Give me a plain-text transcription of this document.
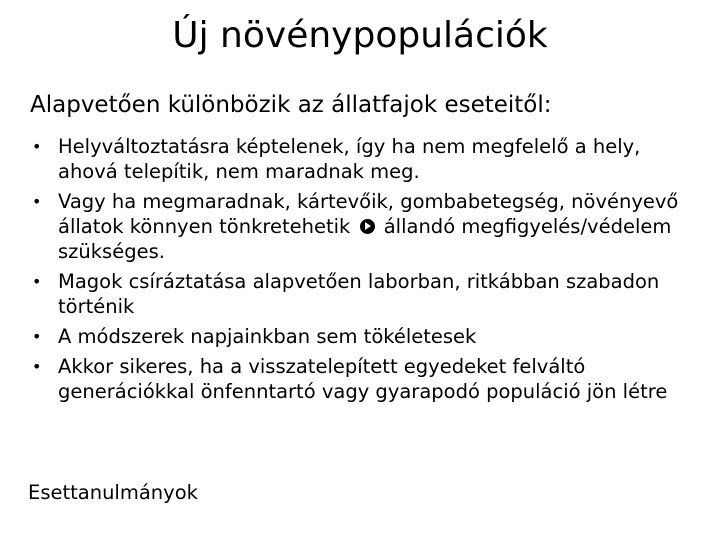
Új növénypopulációk

Alapvetően különbözik az állatfajok eseteitől:

• Helyváltoztatásra képtelenek, így ha nem megfelelő a hely, ahová telepítik, nem maradnak meg.
• Vagy ha megmaradnak, kártevőik, gombabetegség, növényevő állatok könnyen tönkretehetik állandó megfigyelés/védelem szükséges.
• Magok csíráztatása alapvetően laborban, ritkábban szabadon történik
• A módszerek napjainkban sem tökéletesek
• Akkor sikeres, ha a visszatelepített egyedeket felváltó generációkkal önfenntartó vagy gyarapodó populáció jön létre

Esettanulmányok
